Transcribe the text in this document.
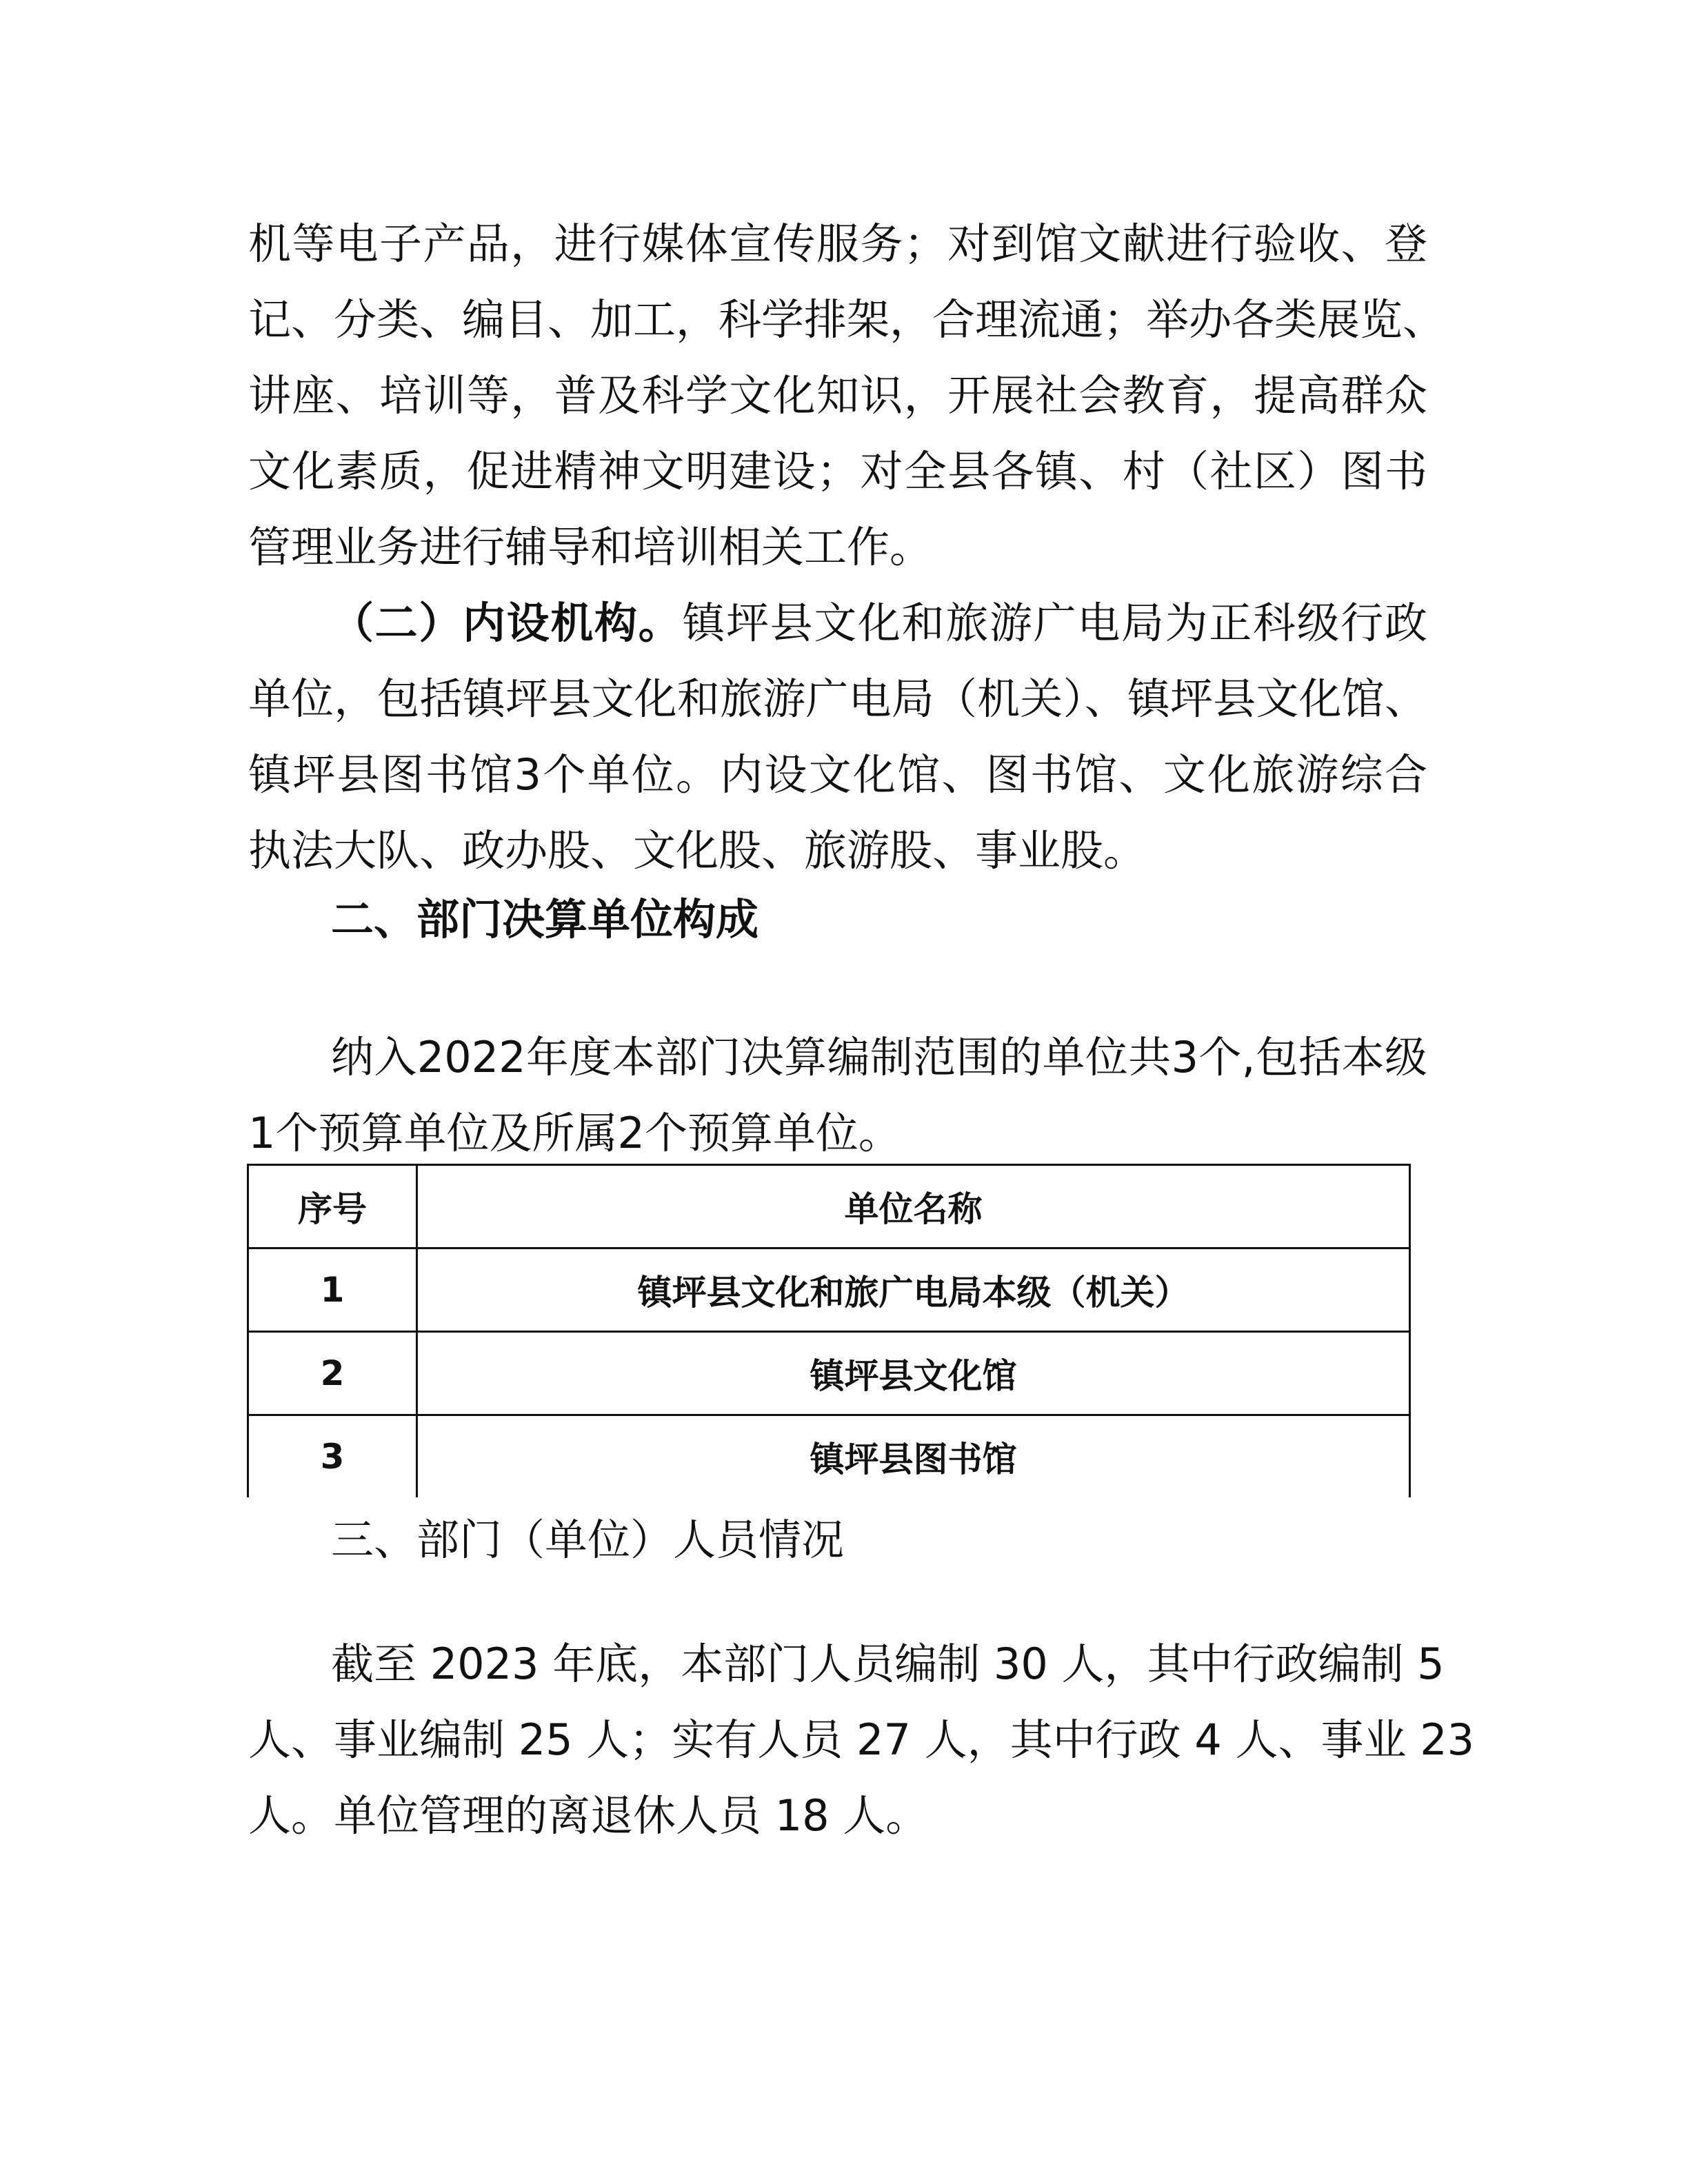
机等电子产品，进行媒体宣传服务；对到馆文献进行验收、登

记、分类、编目、加工，科学排架，合理流通；举办各类展览、

讲座、培训等，普及科学文化知识，开展社会教育，提高群众

文化素质，促进精神文明建设；对全县各镇、村（社区）图书

管理业务进行辅导和培训相关工作。

（二）内设机构。镇坪县文化和旅游广电局为正科级行政

单位，包括镇坪县文化和旅游广电局（机关）、镇坪县文化馆、

镇坪县图书馆3个单位。内设文化馆、图书馆、文化旅游综合

执法大队、政办股、文化股、旅游股、事业股。

二、部门决算单位构成

纳入2022年度本部门决算编制范围的单位共3个,包括本级

1个预算单位及所属2个预算单位。

序号	单位名称
1	镇坪县文化和旅广电局本级（机关）
2	镇坪县文化馆
3	镇坪县图书馆

三、部门（单位）人员情况

截至 2023 年底，本部门人员编制 30 人，其中行政编制 5

人、事业编制 25 人；实有人员 27 人，其中行政 4 人、事业 23

人。单位管理的离退休人员 18 人。
